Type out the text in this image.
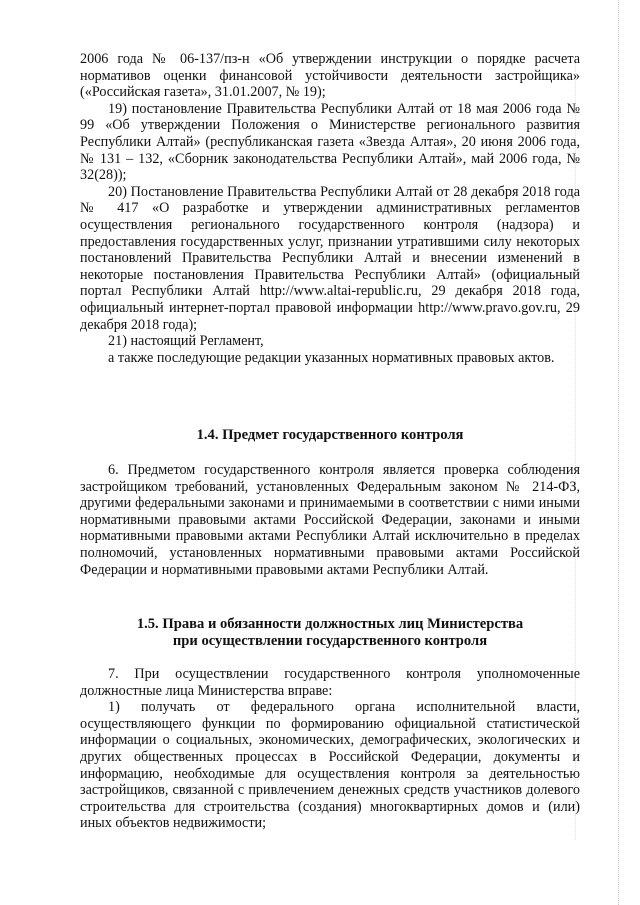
2006 года № 06-137/пз-н «Об утверждении инструкции о порядке расчета нормативов оценки финансовой устойчивости деятельности застройщика» («Российская газета», 31.01.2007, № 19);

19) постановление Правительства Республики Алтай от 18 мая 2006 года № 99 «Об утверждении Положения о Министерстве регионального развития Республики Алтай» (республиканская газета «Звезда Алтая», 20 июня 2006 года, № 131 – 132, «Сборник законодательства Республики Алтай», май 2006 года, № 32(28));

20) Постановление Правительства Республики Алтай от 28 декабря 2018 года № 417 «О разработке и утверждении административных регламентов осуществления регионального государственного контроля (надзора) и предоставления государственных услуг, признании утратившими силу некоторых постановлений Правительства Республики Алтай и внесении изменений в некоторые постановления Правительства Республики Алтай» (официальный портал Республики Алтай http://www.altai-republic.ru, 29 декабря 2018 года, официальный интернет-портал правовой информации http://www.pravo.gov.ru, 29 декабря 2018 года);

21) настоящий Регламент,

а также последующие редакции указанных нормативных правовых актов.

1.4. Предмет государственного контроля

6. Предметом государственного контроля является проверка соблюдения застройщиком требований, установленных Федеральным законом № 214-ФЗ, другими федеральными законами и принимаемыми в соответствии с ними иными нормативными правовыми актами Российской Федерации, законами и иными нормативными правовыми актами Республики Алтай исключительно в пределах полномочий, установленных нормативными правовыми актами Российской Федерации и нормативными правовыми актами Республики Алтай.

1.5. Права и обязанности должностных лиц Министерства
при осуществлении государственного контроля

7. При осуществлении государственного контроля уполномоченные должностные лица Министерства вправе:

1) получать от федерального органа исполнительной власти, осуществляющего функции по формированию официальной статистической информации о социальных, экономических, демографических, экологических и других общественных процессах в Российской Федерации, документы и информацию, необходимые для осуществления контроля за деятельностью застройщиков, связанной с привлечением денежных средств участников долевого строительства для строительства (создания) многоквартирных домов и (или) иных объектов недвижимости;
